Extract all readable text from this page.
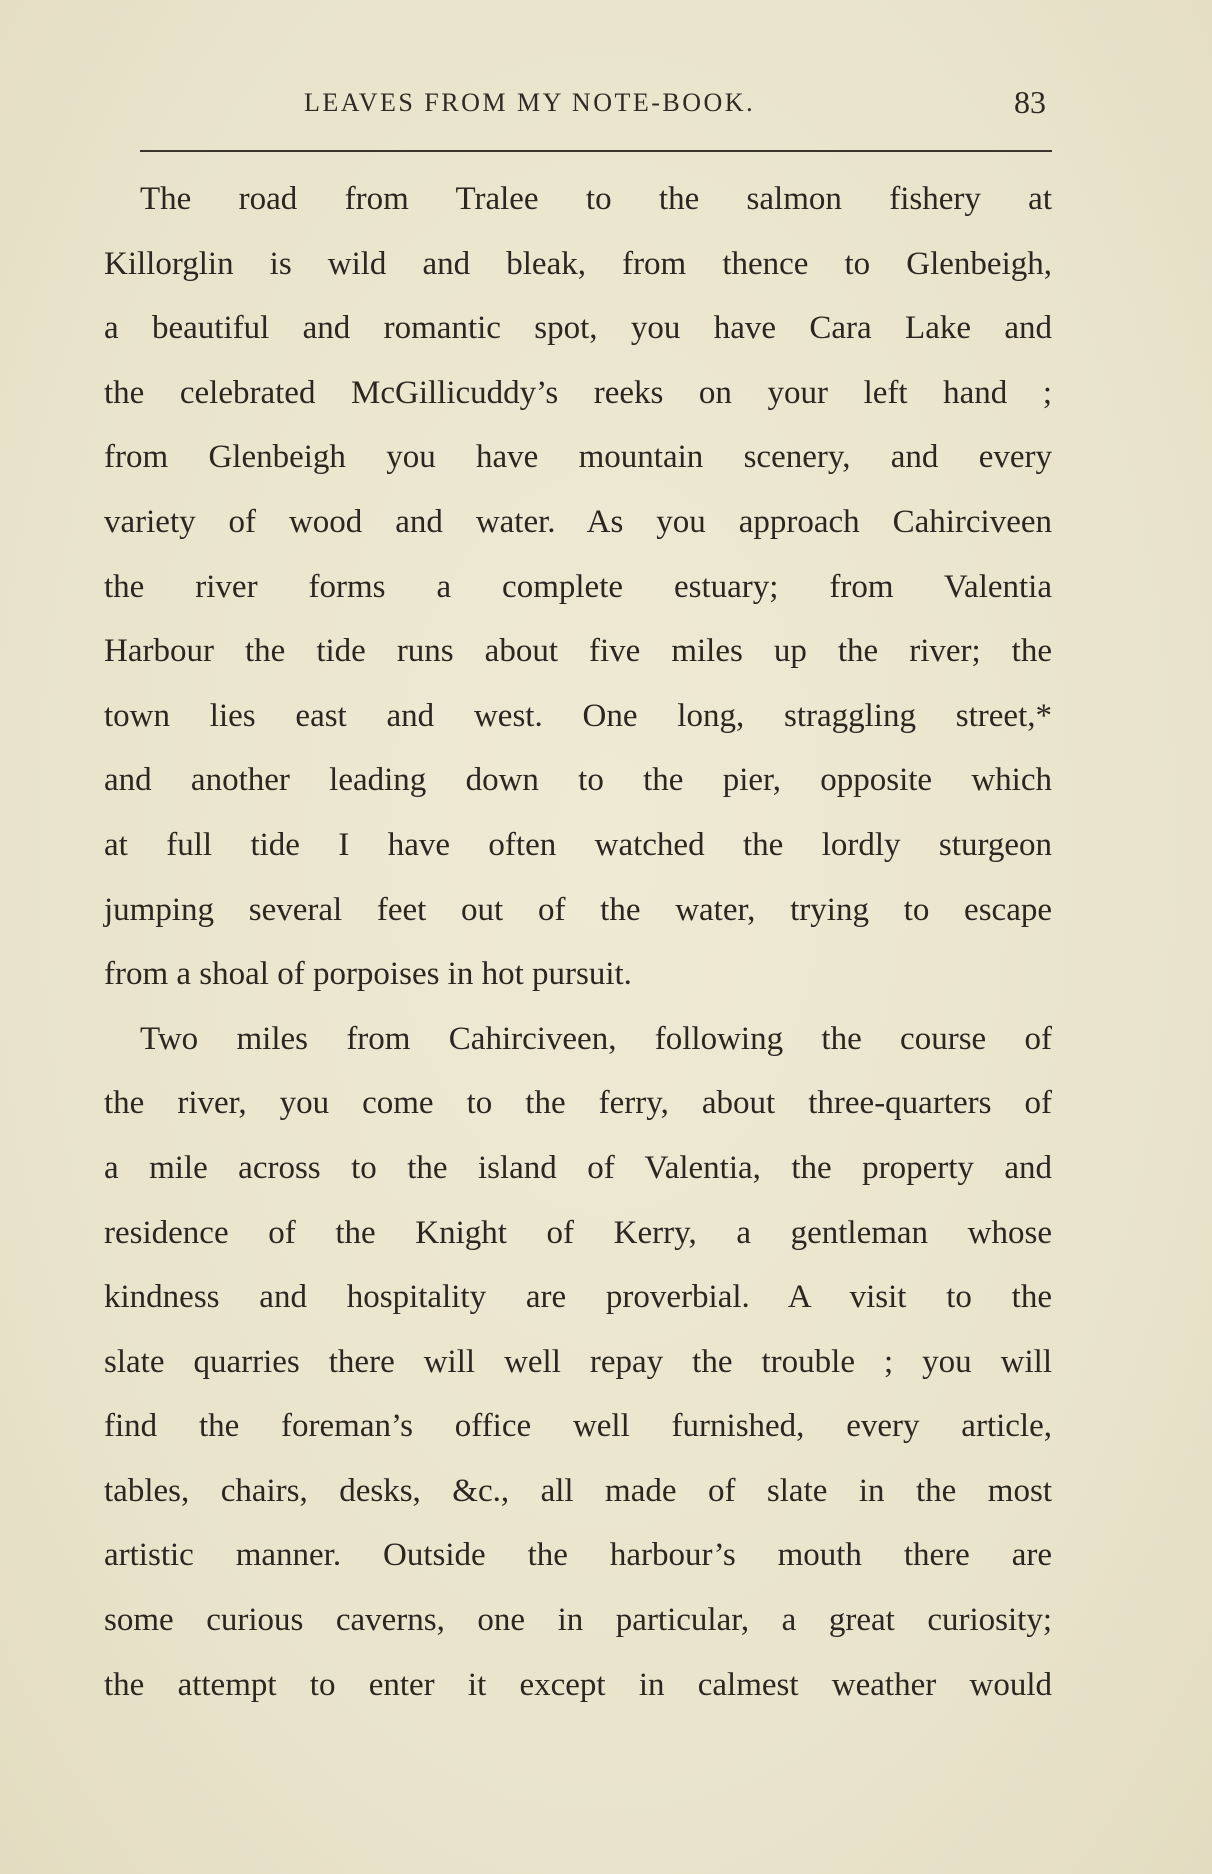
LEAVES FROM MY NOTE-BOOK.	83
The road from Tralee to the salmon fishery at
Killorglin is wild and bleak, from thence to Glenbeigh,
a beautiful and romantic spot, you have Cara Lake and
the celebrated McGillicuddy’s reeks on your left hand ;
from Glenbeigh you have mountain scenery, and every
variety of wood and water. As you approach Cahirciveen
the river forms a complete estuary; from Valentia
Harbour the tide runs about five miles up the river; the
town lies east and west. One long, straggling street,*
and another leading down to the pier, opposite which
at full tide I have often watched the lordly sturgeon
jumping several feet out of the water, trying to escape
from a shoal of porpoises in hot pursuit.
Two miles from Cahirciveen, following the course of
the river, you come to the ferry, about three-quarters of
a mile across to the island of Valentia, the property and
residence of the Knight of Kerry, a gentleman whose
kindness and hospitality are proverbial. A visit to the
slate quarries there will well repay the trouble ; you will
find the foreman’s office well furnished, every article,
tables, chairs, desks, &c., all made of slate in the most
artistic manner. Outside the harbour’s mouth there are
some curious caverns, one in particular, a great curiosity;
the attempt to enter it except in calmest weather would
